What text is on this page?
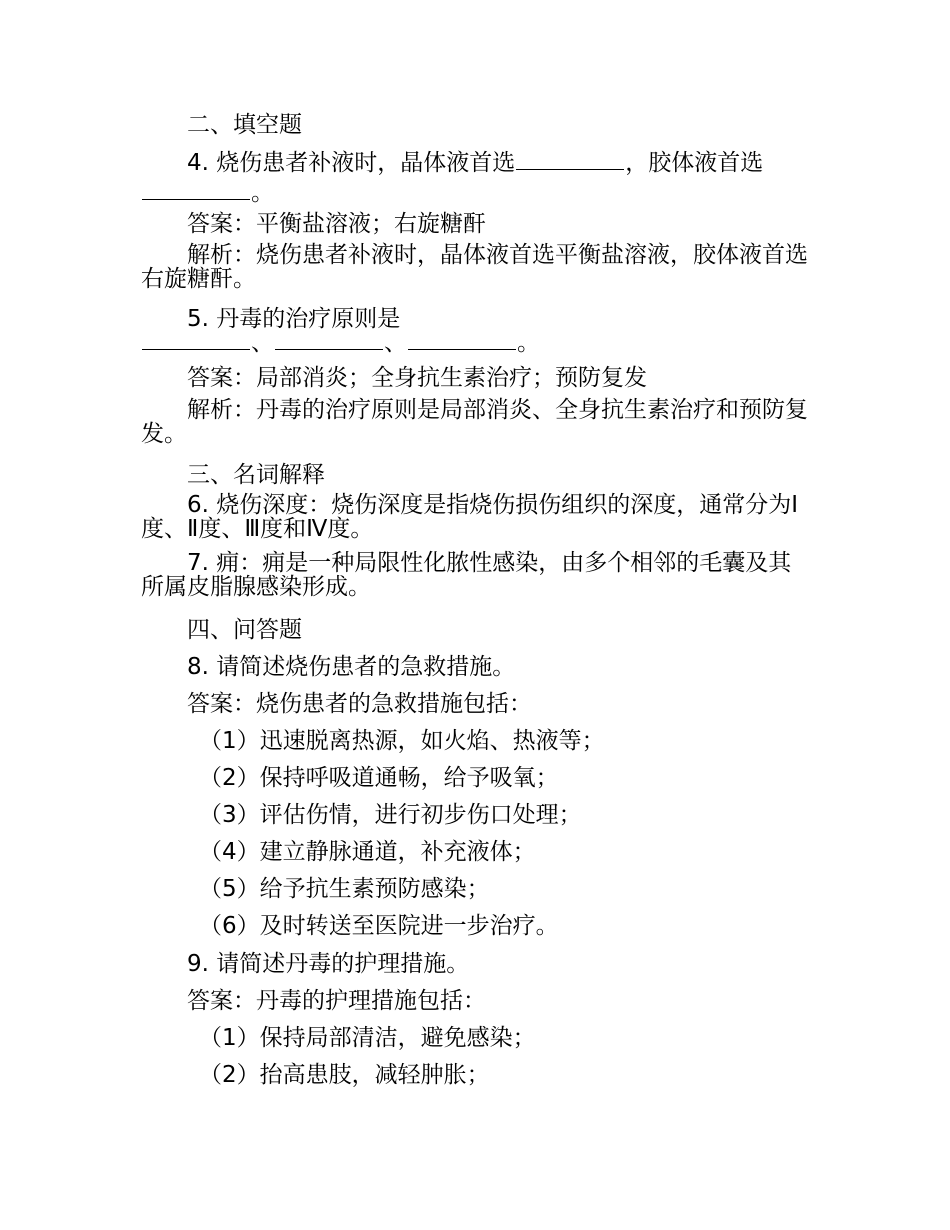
二、填空题
4. 烧伤患者补液时，晶体液首选	，胶体液首选
。
答案：平衡盐溶液；右旋糖酐
解析：烧伤患者补液时，晶体液首选平衡盐溶液，胶体液首选右旋糖酐。
5. 丹毒的治疗原则是
、	、	。
答案：局部消炎；全身抗生素治疗；预防复发
解析：丹毒的治疗原则是局部消炎、全身抗生素治疗和预防复发。
三、名词解释
6. 烧伤深度：烧伤深度是指烧伤损伤组织的深度，通常分为Ⅰ度、Ⅱ度、Ⅲ度和Ⅳ度。
7. 痈：痈是一种局限性化脓性感染，由多个相邻的毛囊及其所属皮脂腺感染形成。
四、问答题
8. 请简述烧伤患者的急救措施。
答案：烧伤患者的急救措施包括：
（1）迅速脱离热源，如火焰、热液等；
（2）保持呼吸道通畅，给予吸氧；
（3）评估伤情，进行初步伤口处理；
（4）建立静脉通道，补充液体；
（5）给予抗生素预防感染；
（6）及时转送至医院进一步治疗。
9. 请简述丹毒的护理措施。
答案：丹毒的护理措施包括：
（1）保持局部清洁，避免感染；
（2）抬高患肢，减轻肿胀；
